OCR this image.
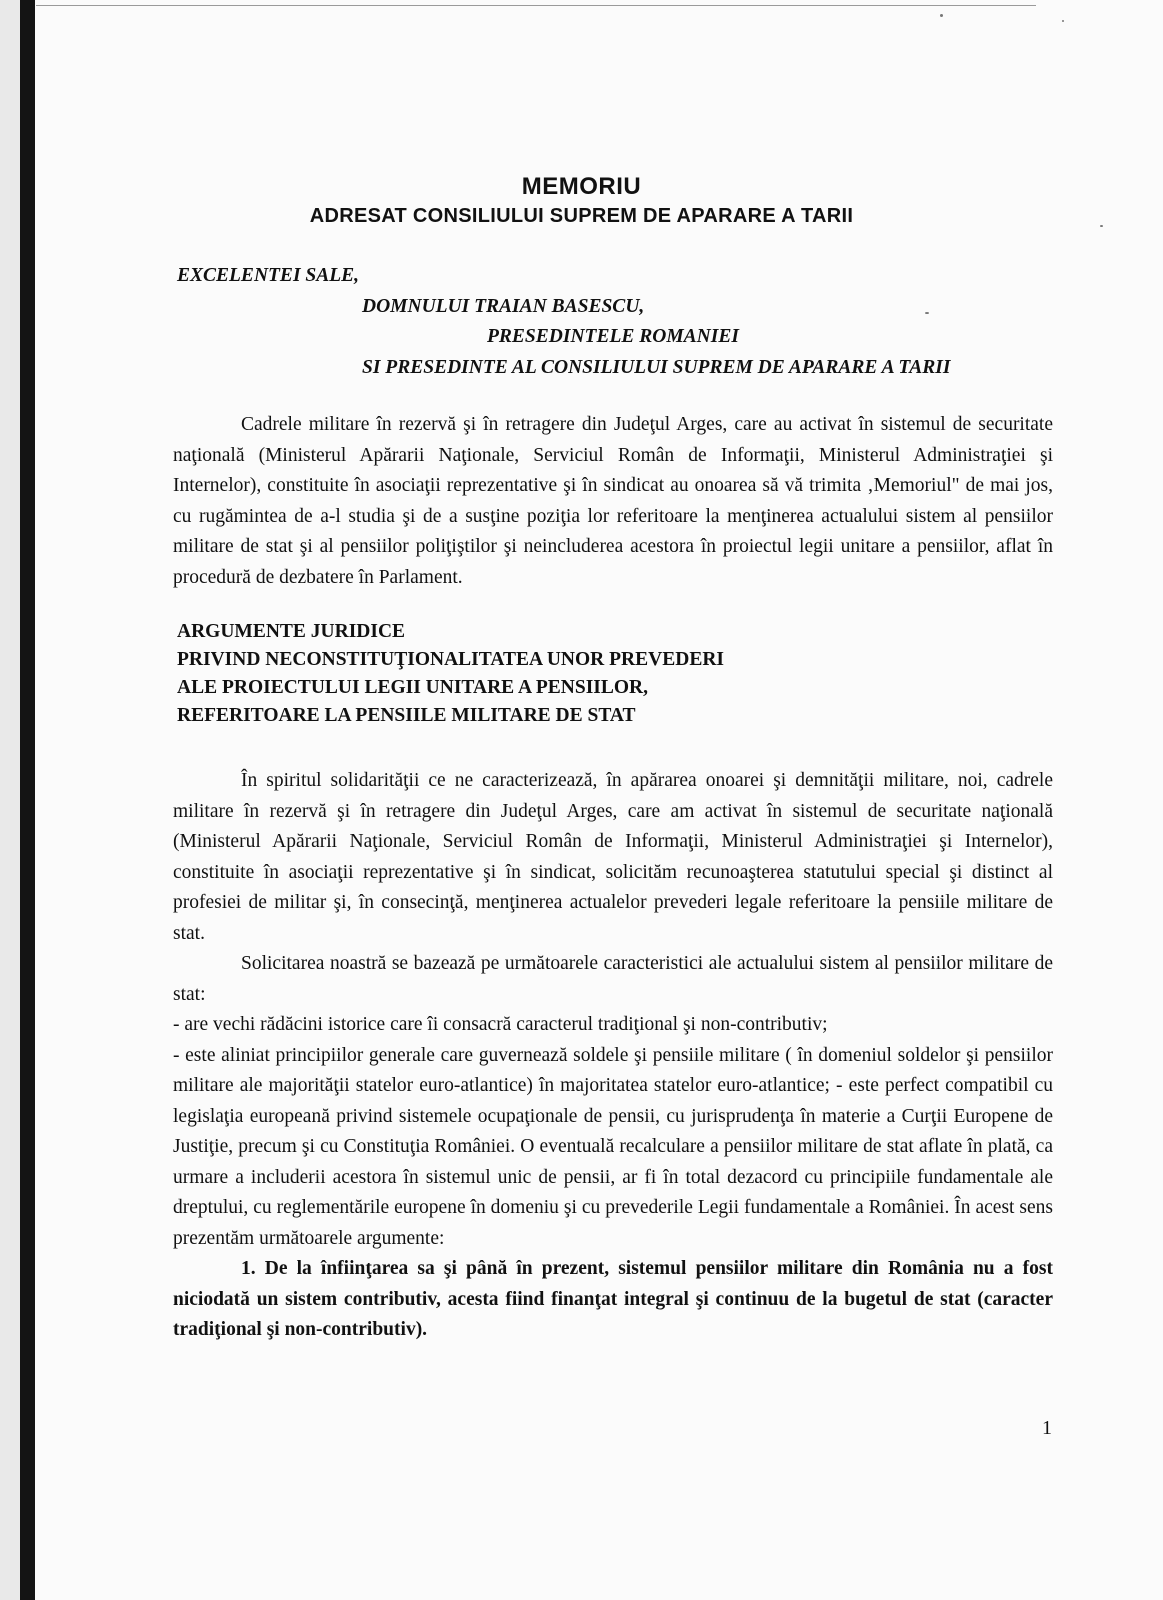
MEMORIU
ADRESAT CONSILIULUI SUPREM DE APARARE A TARII
EXCELENTEI SALE,
DOMNULUI TRAIAN BASESCU,
PRESEDINTELE ROMANIEI
SI PRESEDINTE AL CONSILIULUI SUPREM DE APARARE A TARII
Cadrele militare în rezervă şi în retragere din Judeţul Arges, care au activat în sistemul de securitate naţională (Ministerul Apărarii Naţionale, Serviciul Român de Informaţii, Ministerul Administraţiei şi Internelor), constituite în asociaţii reprezentative şi în sindicat au onoarea să vă trimita ‚Memoriul" de mai jos, cu rugămintea de a-l studia şi de a susţine poziţia lor referitoare la menţinerea actualului sistem al pensiilor militare de stat şi al pensiilor poliţiştilor şi neincluderea acestora în proiectul legii unitare a pensiilor, aflat în procedură de dezbatere în Parlament.
ARGUMENTE JURIDICE
PRIVIND NECONSTITUŢIONALITATEA UNOR PREVEDERI
ALE PROIECTULUI LEGII UNITARE A PENSIILOR,
REFERITOARE LA PENSIILE MILITARE DE STAT
În spiritul solidarităţii ce ne caracterizează, în apărarea onoarei şi demnităţii militare, noi, cadrele militare în rezervă şi în retragere din Judeţul Arges, care am activat în sistemul de securitate naţională (Ministerul Apărarii Naţionale, Serviciul Român de Informaţii, Ministerul Administraţiei şi Internelor), constituite în asociaţii reprezentative şi în sindicat, solicităm recunoaşterea statutului special şi distinct al profesiei de militar şi, în consecinţă, menţinerea actualelor prevederi legale referitoare la pensiile militare de stat.
Solicitarea noastră se bazează pe următoarele caracteristici ale actualului sistem al pensiilor militare de stat:
- are vechi rădăcini istorice care îi consacră caracterul tradiţional şi non-contributiv;
- este aliniat principiilor generale care guvernează soldele şi pensiile militare ( în domeniul soldelor şi pensiilor militare ale majorităţii statelor euro-atlantice) în majoritatea statelor euro-atlantice; - este perfect compatibil cu legislaţia europeană privind sistemele ocupaţionale de pensii, cu jurisprudenţa în materie a Curţii Europene de Justiţie, precum şi cu Constituţia României. O eventuală recalculare a pensiilor militare de stat aflate în plată, ca urmare a includerii acestora în sistemul unic de pensii, ar fi în total dezacord cu principiile fundamentale ale dreptului, cu reglementările europene în domeniu şi cu prevederile Legii fundamentale a României. În acest sens prezentăm următoarele argumente:
1. De la înfiinţarea sa şi până în prezent, sistemul pensiilor militare din România nu a fost niciodată un sistem contributiv, acesta fiind finanţat integral şi continuu de la bugetul de stat (caracter tradiţional şi non-contributiv).
1
